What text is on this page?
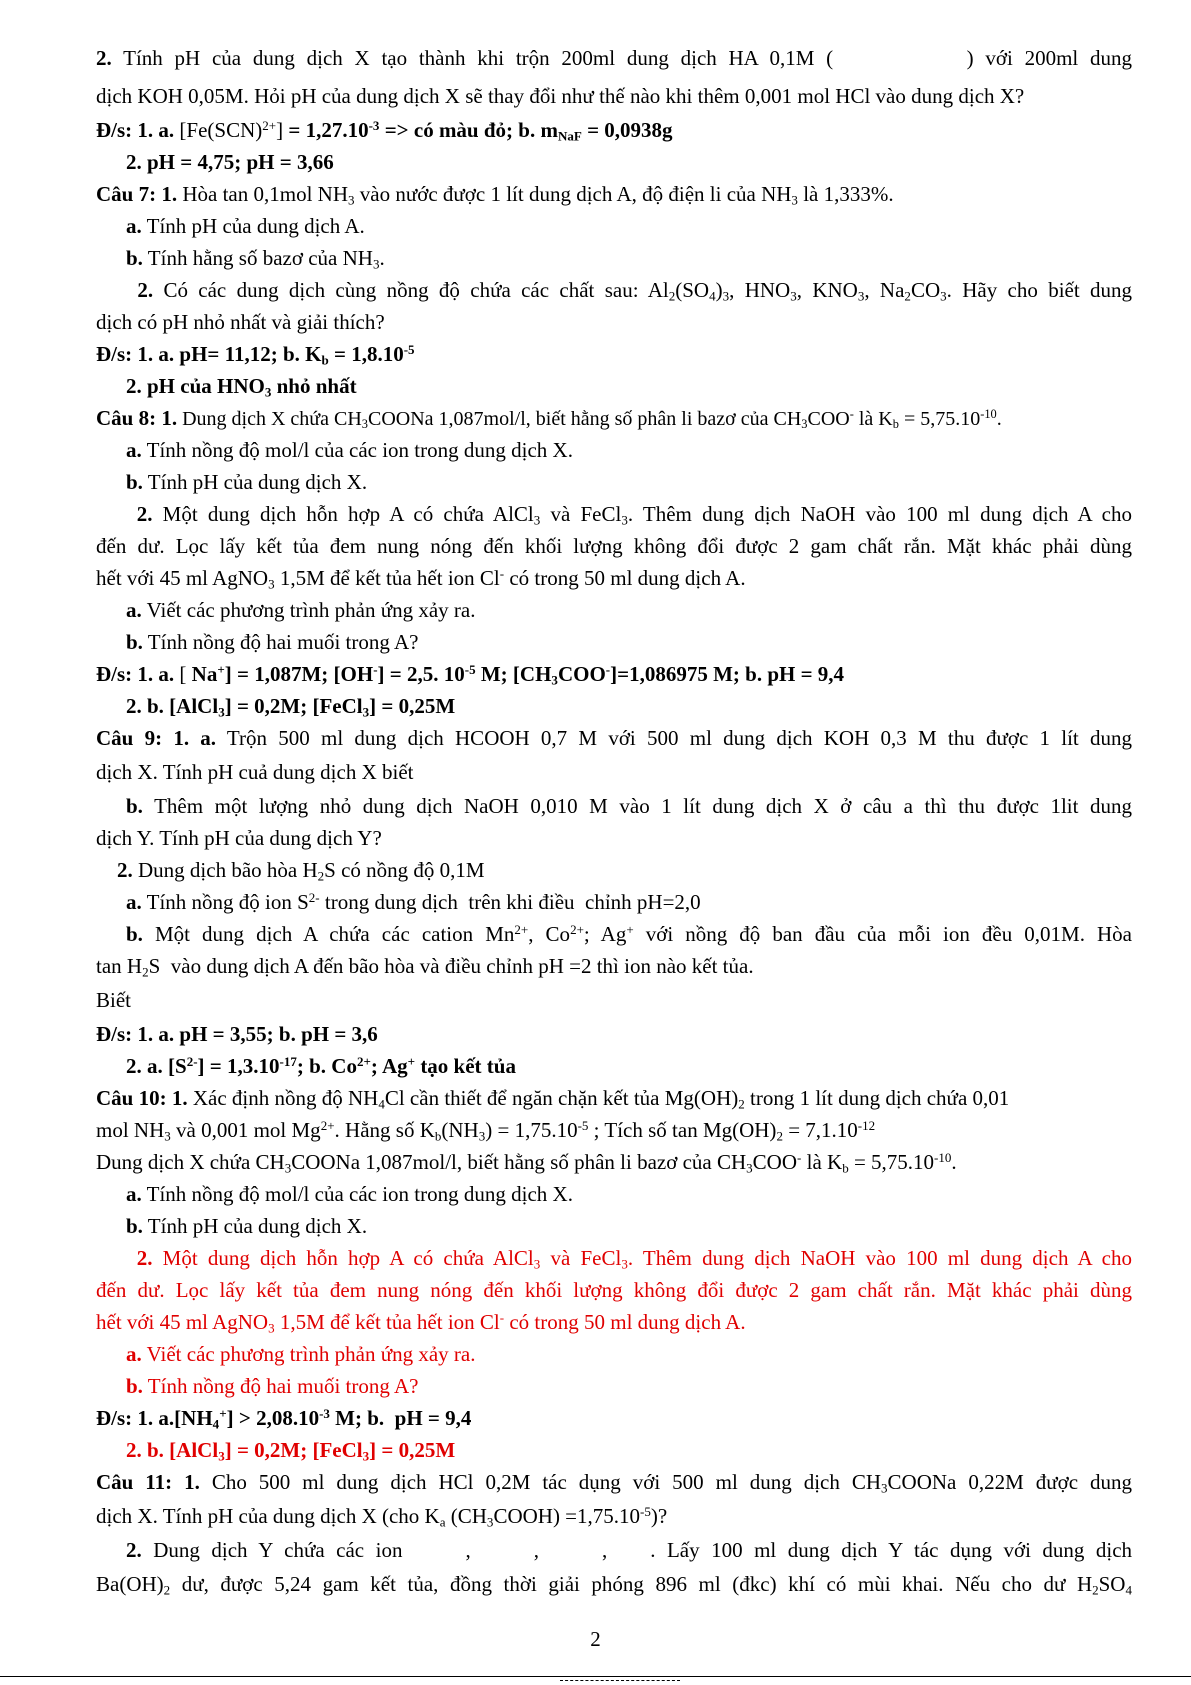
2. Tính pH của dung dịch X tạo thành khi trộn 200ml dung dịch HA 0,1M (	) với 200ml dung
dịch KOH 0,05M. Hỏi pH của dung dịch X sẽ thay đổi như thế nào khi thêm 0,001 mol HCl vào dung dịch X?
Đ/s: 1. a. $[Fe(SCN)^{2+}] = 1,27.10^{-3}$ => có màu đỏ; b. $m_{NaF} = 0,0938g$
2. pH = 4,75; pH = 3,66
Câu 7: 1. Hòa tan 0,1mol $NH_3$ vào nước được 1 lít dung dịch A, độ điện li của $NH_3$ là 1,333%.
a. Tính pH của dung dịch A.
b. Tính hằng số bazơ của $NH_3$.
2. Có các dung dịch cùng nồng độ chứa các chất sau: $Al_2(SO_4)_3$, $HNO_3$, $KNO_3$, $Na_2CO_3$. Hãy cho biết dung
dịch có pH nhỏ nhất và giải thích?
Đ/s: 1. a. pH= 11,12; b. $K_b = 1,8.10^{-5}$
2. pH của $HNO_3$ nhỏ nhất
Câu 8: 1. Dung dịch X chứa $CH_3COONa$ 1,087mol/l, biết hằng số phân li bazơ của $CH_3COO^-$ là $K_b = 5,75.10^{-10}$.
a. Tính nồng độ mol/l của các ion trong dung dịch X.
b. Tính pH của dung dịch X.
2. Một dung dịch hỗn hợp A có chứa AlCl$_3$ và FeCl$_3$. Thêm dung dịch NaOH vào 100 ml dung dịch A cho
đến dư. Lọc lấy kết tủa đem nung nóng đến khối lượng không đổi được 2 gam chất rắn. Mặt khác phải dùng
hết với 45 ml AgNO$_3$ 1,5M để kết tủa hết ion Cl- có trong 50 ml dung dịch A.
a. Viết các phương trình phản ứng xảy ra.
b. Tính nồng độ hai muối trong A?
Đ/s: 1. a. [ Na+] = 1,087M; [OH-] = 2,5. $10^{-5}$ M; $[CH_3COO^-]=1,086975$ M; b. pH = 9,4
2. b. [AlCl$_3$] = 0,2M; [FeCl$_3$] = 0,25M
Câu 9: 1. a. Trộn 500 ml dung dịch HCOOH 0,7 M với 500 ml dung dịch KOH 0,3 M thu được 1 lít dung
dịch X. Tính pH cuả dung dịch X biết
b. Thêm một lượng nhỏ dung dịch NaOH 0,010 M vào 1 lít dung dịch X ở câu a thì thu được 1lit dung
dịch Y. Tính pH của dung dịch Y?
2. Dung dịch bão hòa $H_2S$ có nồng độ 0,1M
a. Tính nồng độ ion $S^{2-}$ trong dung dịch  trên khi điều  chỉnh pH=2,0
b. Một dung dịch A chứa các cation $Mn^{2+}$, $Co^{2+}$; Ag+ với nồng độ ban đầu của mỗi ion đều 0,01M. Hòa
$\tan H_2S$  vào dung dịch A đến bão hòa và điều chỉnh pH =2 thì ion nào kết tủa.
Biết
Đ/s: 1. a. pH = 3,55; b. pH = 3,6
2. a. $[S^{2-}] = 1,3.10^{-17}$; b. $Co^{2+}$; Ag+ tạo kết tủa
Câu 10: 1. Xác định nồng độ $NH_4Cl$ cần thiết để ngăn chặn kết tủa $Mg(OH)_2$ trong 1 lít dung dịch chứa 0,01
mol $NH_3$ và 0,001 mol $Mg^{2+}$. Hằng số $K_b(NH_3) = 1,75.10^{-5}$ ; Tích số $\tan Mg(OH)_2 = 7,1.10^{-12}$
Dung dịch X chứa $CH_3COONa$ 1,087mol/l, biết hằng số phân li bazơ của $CH_3COO^-$ là $K_b = 5,75.10^{-10}$.
a. Tính nồng độ mol/l của các ion trong dung dịch X.
b. Tính pH của dung dịch X.
2. Một dung dịch hỗn hợp A có chứa AlCl$_3$ và FeCl$_3$. Thêm dung dịch NaOH vào 100 ml dung dịch A cho
đến dư. Lọc lấy kết tủa đem nung nóng đến khối lượng không đổi được 2 gam chất rắn. Mặt khác phải dùng
hết với 45 ml AgNO$_3$ 1,5M để kết tủa hết ion Cl- có trong 50 ml dung dịch A.
a. Viết các phương trình phản ứng xảy ra.
b. Tính nồng độ hai muối trong A?
Đ/s: 1. $a.[NH_4^+] > 2,08.10^{-3}$ M; b.  pH = 9,4
2. b. [AlCl$_3$] = 0,2M; [FeCl$_3$] = 0,25M
Câu 11: 1. Cho 500 ml dung dịch HCl 0,2M tác dụng với 500 ml dung dịch $CH_3COONa$ 0,22M được dung
dịch X. Tính pH của dung dịch X (cho $K_a$ $(CH_3COOH) =1,75.10^{-5}$)?
2. Dung dịch Y chứa các ion  ,  ,  ,  . Lấy 100 ml dung dịch Y tác dụng với dung dịch
$Ba(OH)_2$ dư, được 5,24 gam kết tủa, đồng thời giải phóng 896 ml (đkc) khí có mùi khai. Nếu cho dư $H_2SO_4$
2
